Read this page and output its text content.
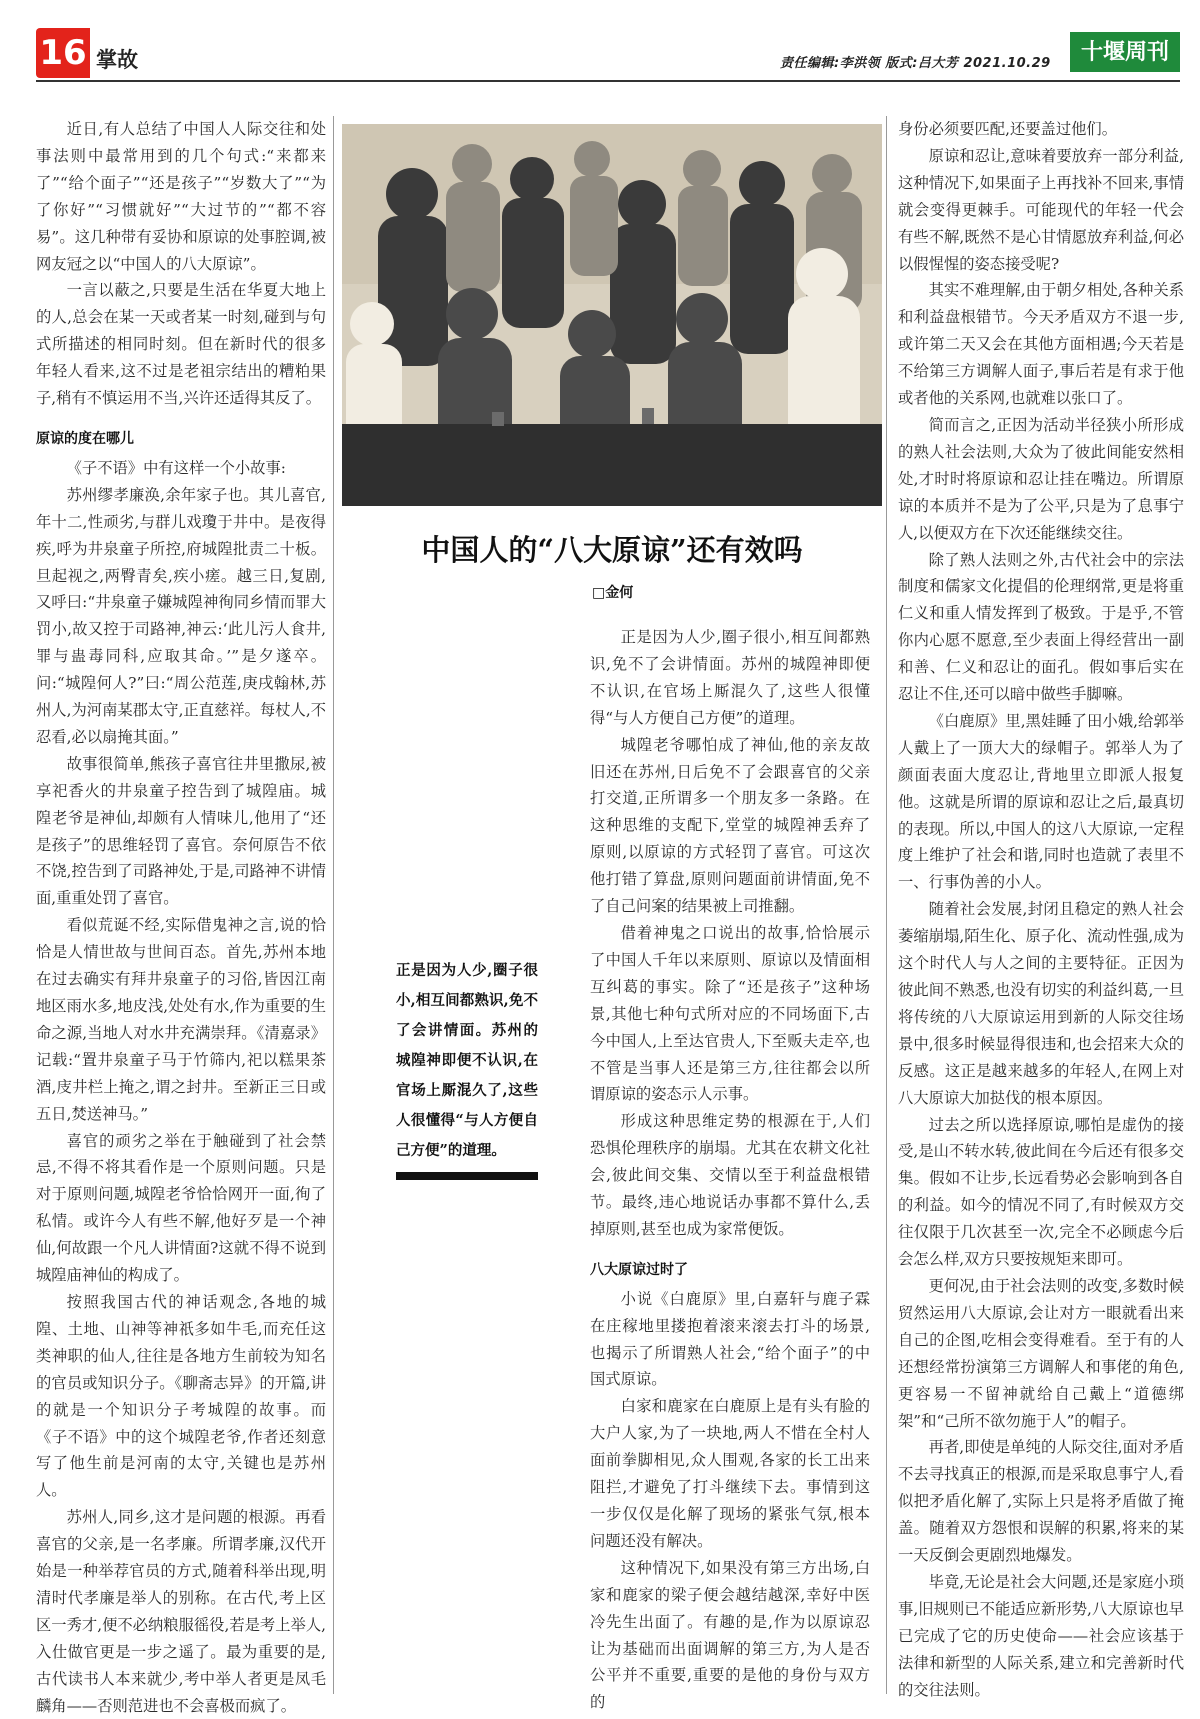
16 掌故	责任编辑:李洪领 版式:吕大芳 2021.10.29	十堰周刊

近日,有人总结了中国人人际交往和处事法则中最常用到的几个句式:“来都来了”“给个面子”“还是孩子”“岁数大了”“为了你好”“习惯就好”“大过节的”“都不容易”。这几种带有妥协和原谅的处事腔调,被网友冠之以“中国人的八大原谅”。

一言以蔽之,只要是生活在华夏大地上的人,总会在某一天或者某一时刻,碰到与句式所描述的相同时刻。但在新时代的很多年轻人看来,这不过是老祖宗结出的糟粕果子,稍有不慎运用不当,兴许还适得其反了。

原谅的度在哪儿

《子不语》中有这样一个小故事:

苏州缪孝廉涣,余年家子也。其儿喜官,年十二,性顽劣,与群儿戏瓊于井中。是夜得疾,呼为井泉童子所控,府城隍批责二十板。旦起视之,两臀青矣,疾小瘥。越三日,复剧,又呼曰:“井泉童子嫌城隍神徇同乡情而罪大罚小,故又控于司路神,神云:‘此儿污人食井,罪与蛊毒同科,应取其命。’”是夕遂卒。问:“城隍何人?”曰:“周公范莲,庚戌翰林,苏州人,为河南某郡太守,正直慈祥。每杖人,不忍看,必以扇掩其面。”

故事很简单,熊孩子喜官往井里撒尿,被享祀香火的井泉童子控告到了城隍庙。城隍老爷是神仙,却颇有人情味儿,他用了“还是孩子”的思维轻罚了喜官。奈何原告不依不饶,控告到了司路神处,于是,司路神不讲情面,重重处罚了喜官。

看似荒诞不经,实际借鬼神之言,说的恰恰是人情世故与世间百态。首先,苏州本地在过去确实有拜井泉童子的习俗,皆因江南地区雨水多,地皮浅,处处有水,作为重要的生命之源,当地人对水井充满崇拜。《清嘉录》记载:“置井泉童子马于竹筛内,祀以糕果茶酒,庋井栏上掩之,谓之封井。至新正三日或五日,焚送神马。”

喜官的顽劣之举在于触碰到了社会禁忌,不得不将其看作是一个原则问题。只是对于原则问题,城隍老爷恰恰网开一面,徇了私情。或许今人有些不解,他好歹是一个神仙,何故跟一个凡人讲情面?这就不得不说到城隍庙神仙的构成了。

按照我国古代的神话观念,各地的城隍、土地、山神等神祇多如牛毛,而充任这类神职的仙人,往往是各地方生前较为知名的官员或知识分子。《聊斋志异》的开篇,讲的就是一个知识分子考城隍的故事。而《子不语》中的这个城隍老爷,作者还刻意写了他生前是河南的太守,关键也是苏州人。

苏州人,同乡,这才是问题的根源。再看喜官的父亲,是一名孝廉。所谓孝廉,汉代开始是一种举荐官员的方式,随着科举出现,明清时代孝廉是举人的别称。在古代,考上区区一秀才,便不必纳粮服徭役,若是考上举人,入仕做官更是一步之遥了。最为重要的是,古代读书人本来就少,考中举人者更是凤毛麟角——否则范进也不会喜极而疯了。

中国人的“八大原谅”还有效吗
□金何
正是因为人少,圈子很小,相互间都熟识,免不了会讲情面。苏州的城隍神即便不认识,在官场上厮混久了,这些人很懂得“与人方便自己方便”的道理。

正是因为人少,圈子很小,相互间都熟识,免不了会讲情面。苏州的城隍神即便不认识,在官场上厮混久了,这些人很懂得“与人方便自己方便”的道理。

城隍老爷哪怕成了神仙,他的亲友故旧还在苏州,日后免不了会跟喜官的父亲打交道,正所谓多一个朋友多一条路。在这种思维的支配下,堂堂的城隍神丢弃了原则,以原谅的方式轻罚了喜官。可这次他打错了算盘,原则问题面前讲情面,免不了自己问案的结果被上司推翻。

借着神鬼之口说出的故事,恰恰展示了中国人千年以来原则、原谅以及情面相互纠葛的事实。除了“还是孩子”这种场景,其他七种句式所对应的不同场面下,古今中国人,上至达官贵人,下至贩夫走卒,也不管是当事人还是第三方,往往都会以所谓原谅的姿态示人示事。

形成这种思维定势的根源在于,人们恐惧伦理秩序的崩塌。尤其在农耕文化社会,彼此间交集、交情以至于利益盘根错节。最终,违心地说话办事都不算什么,丢掉原则,甚至也成为家常便饭。

八大原谅过时了

小说《白鹿原》里,白嘉轩与鹿子霖在庄稼地里搂抱着滚来滚去打斗的场景,也揭示了所谓熟人社会,“给个面子”的中国式原谅。

白家和鹿家在白鹿原上是有头有脸的大户人家,为了一块地,两人不惜在全村人面前拳脚相见,众人围观,各家的长工出来阻拦,才避免了打斗继续下去。事情到这一步仅仅是化解了现场的紧张气氛,根本问题还没有解决。

这种情况下,如果没有第三方出场,白家和鹿家的梁子便会越结越深,幸好中医冷先生出面了。有趣的是,作为以原谅忍让为基础而出面调解的第三方,为人是否公平并不重要,重要的是他的身份与双方的

身份必须要匹配,还要盖过他们。

原谅和忍让,意味着要放弃一部分利益,这种情况下,如果面子上再找补不回来,事情就会变得更棘手。可能现代的年轻一代会有些不解,既然不是心甘情愿放弃利益,何必以假惺惺的姿态接受呢?

其实不难理解,由于朝夕相处,各种关系和利益盘根错节。今天矛盾双方不退一步,或许第二天又会在其他方面相遇;今天若是不给第三方调解人面子,事后若是有求于他或者他的关系网,也就难以张口了。

简而言之,正因为活动半径狭小所形成的熟人社会法则,大众为了彼此间能安然相处,才时时将原谅和忍让挂在嘴边。所谓原谅的本质并不是为了公平,只是为了息事宁人,以便双方在下次还能继续交往。

除了熟人法则之外,古代社会中的宗法制度和儒家文化提倡的伦理纲常,更是将重仁义和重人情发挥到了极致。于是乎,不管你内心愿不愿意,至少表面上得经营出一副和善、仁义和忍让的面孔。假如事后实在忍让不住,还可以暗中做些手脚嘛。

《白鹿原》里,黑娃睡了田小娥,给郭举人戴上了一顶大大的绿帽子。郭举人为了颜面表面大度忍让,背地里立即派人报复他。这就是所谓的原谅和忍让之后,最真切的表现。所以,中国人的这八大原谅,一定程度上维护了社会和谐,同时也造就了表里不一、行事伪善的小人。

随着社会发展,封闭且稳定的熟人社会萎缩崩塌,陌生化、原子化、流动性强,成为这个时代人与人之间的主要特征。正因为彼此间不熟悉,也没有切实的利益纠葛,一旦将传统的八大原谅运用到新的人际交往场景中,很多时候显得很违和,也会招来大众的反感。这正是越来越多的年轻人,在网上对八大原谅大加挞伐的根本原因。

过去之所以选择原谅,哪怕是虚伪的接受,是山不转水转,彼此间在今后还有很多交集。假如不让步,长远看势必会影响到各自的利益。如今的情况不同了,有时候双方交往仅限于几次甚至一次,完全不必顾虑今后会怎么样,双方只要按规矩来即可。

更何况,由于社会法则的改变,多数时候贸然运用八大原谅,会让对方一眼就看出来自己的企图,吃相会变得难看。至于有的人还想经常扮演第三方调解人和事佬的角色,更容易一不留神就给自己戴上“道德绑架”和“己所不欲勿施于人”的帽子。

再者,即使是单纯的人际交往,面对矛盾不去寻找真正的根源,而是采取息事宁人,看似把矛盾化解了,实际上只是将矛盾做了掩盖。随着双方怨恨和误解的积累,将来的某一天反倒会更剧烈地爆发。

毕竟,无论是社会大问题,还是家庭小琐事,旧规则已不能适应新形势,八大原谅也早已完成了它的历史使命——社会应该基于法律和新型的人际关系,建立和完善新时代的交往法则。
